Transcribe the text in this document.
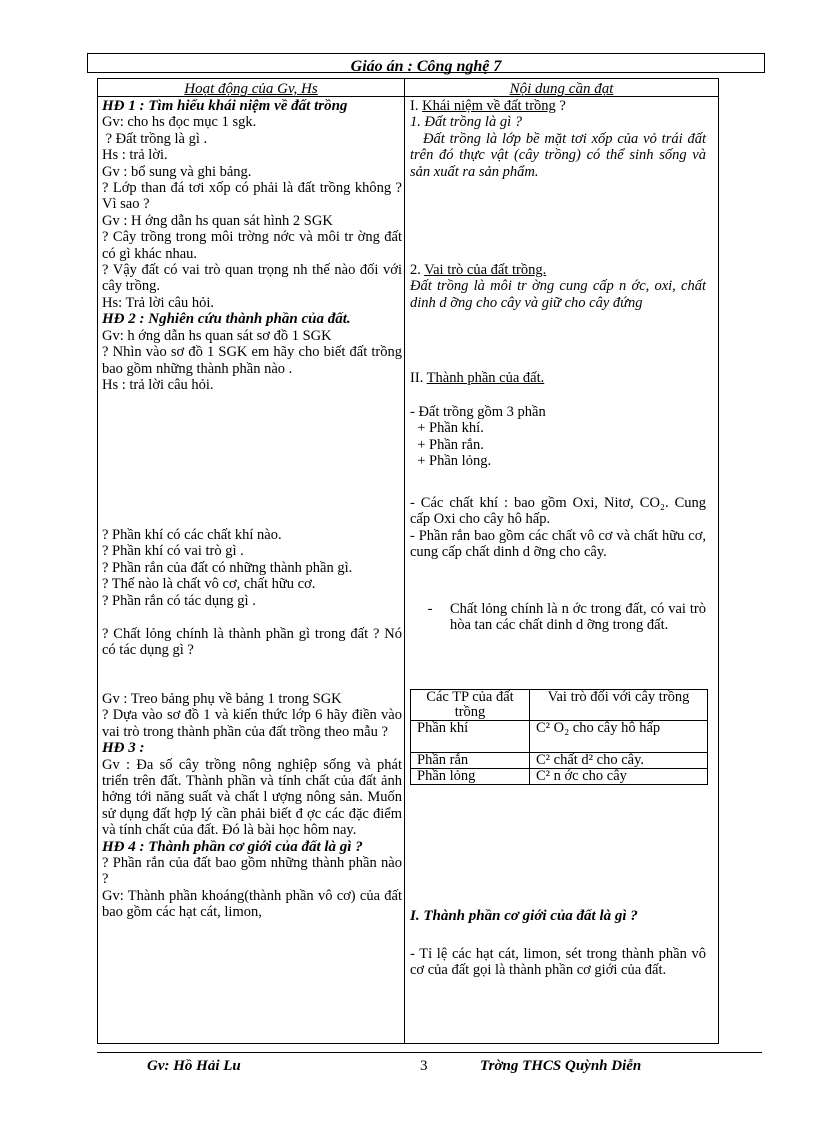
Giáo án : Công nghệ 7
Hoạt động của Gv, Hs	Nội dung cần đạt

HĐ 1 : Tìm hiểu khái niệm về đất trồng

Gv: cho hs đọc mục 1 sgk.

? Đất trồng là gì .

Hs : trả lời.

Gv : bổ sung và ghi bảng.

? Lớp than đá tơi xốp có phải là đất trồng không ? Vì sao ?

Gv : H ớng dẫn hs quan sát hình 2 SGK

? Cây trồng trong môi trờng nớc và môi tr ờng đất có gì khác nhau.

? Vậy đất có vai trò quan trọng nh thế nào đối với cây trồng.

Hs: Trả lời câu hỏi.

HĐ 2 : Nghiên cứu thành phần của đất.

Gv: h ớng dẫn hs quan sát sơ đồ 1 SGK

? Nhìn vào sơ đồ 1 SGK em hãy cho biết đất trồng bao gồm những thành phần nào .

Hs : trả lời câu hỏi.

? Phần khí có các chất khí nào.

? Phần khí có vai trò gì .

? Phần rắn của đất có những thành phần gì.

? Thế nào là chất vô cơ, chất hữu cơ.

? Phần rắn có tác dụng gì .

? Chất lỏng chính là thành phần gì trong đất ? Nó có tác dụng gì ?

Gv : Treo bảng phụ về bảng 1 trong SGK

? Dựa vào sơ đồ 1 và kiến thức lớp 6 hãy điền vào vai trò trong thành phần của đất trồng theo mẫu ?

HĐ 3 :

Gv : Đa số cây trồng nông nghiệp sống và phát triển trên đất. Thành phần và tính chất của đất ảnh hởng tới năng suất và chất l ượng nông sản. Muốn sử dụng đất hợp lý cần phải biết đ ợc các đặc điểm và tính chất của đất. Đó là bài học hôm nay.

HĐ 4 : Thành phần cơ giới của đất là gì ?

? Phần rắn của đất bao gồm những thành phần nào ?

Gv: Thành phần khoáng(thành phần vô cơ) của đất bao gồm các hạt cát, limon,

I. Khái niệm về đất trồng ?

1. Đất trồng là gì ?

Đất trồng là lớp bề mặt tơi xốp của vỏ trái đất trên đó thực vật (cây trồng) có thể sinh sống và sản xuất ra sản phẩm.

2. Vai trò của đất trồng.

Đất trồng là môi tr ờng cung cấp n ớc, oxi, chất dinh d ỡng cho cây và giữ cho cây đứng

II. Thành phần của đất.

- Đất trồng gồm 3 phần

+ Phần khí.

+ Phần rắn.

+ Phần lỏng.

- Các chất khí : bao gồm Oxi, Nitơ, CO₂. Cung cấp Oxi cho cây hô hấp.

- Phần rắn bao gồm các chất vô cơ và chất hữu cơ, cung cấp chất dinh d ỡng cho cây.

-	Chất lỏng chính là n ớc trong đất, có vai trò hòa tan các chất dinh d ỡng trong đất.

Các TP của đất trồng	Vai trò đối với cây trồng
Phần khí	C² O₂ cho cây hô hấp
Phần rắn	C² chất d² cho cây.
Phần lỏng	C² n ớc cho cây

I. Thành phần cơ giới của đất là gì ?

- Tỉ lệ các hạt cát, limon, sét trong thành phần vô cơ của đất gọi là thành phần cơ giới của đất.

Gv: Hồ Hải Lu	3	Trờng THCS Quỳnh Diễn
